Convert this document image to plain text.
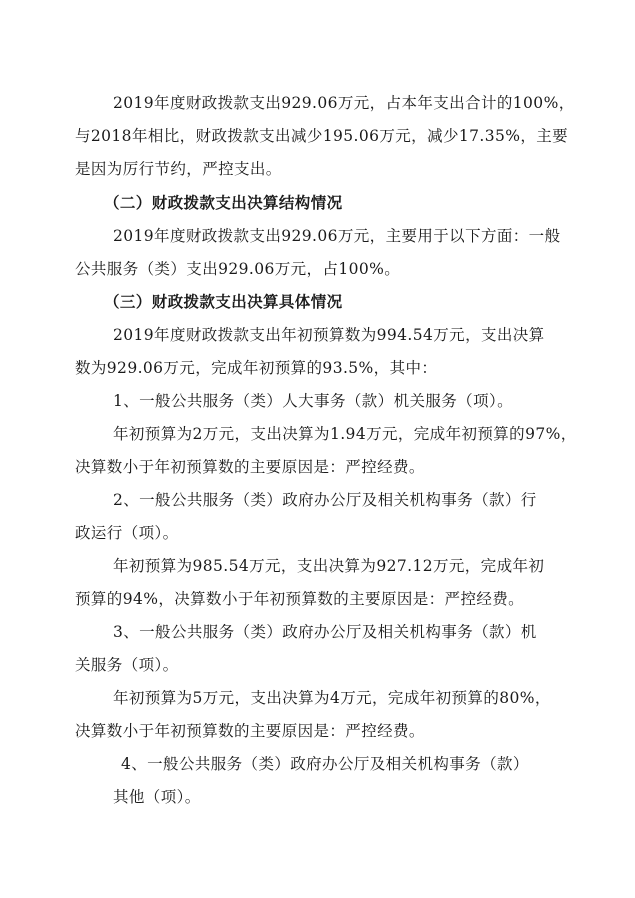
2019年度财政拨款支出929.06万元，占本年支出合计的100%，
与2018年相比，财政拨款支出减少195.06万元，减少17.35%，主要
是因为厉行节约，严控支出。
（二）财政拨款支出决算结构情况
2019年度财政拨款支出929.06万元，主要用于以下方面：一般
公共服务（类）支出929.06万元，占100%。
（三）财政拨款支出决算具体情况
2019年度财政拨款支出年初预算数为994.54万元，支出决算
数为929.06万元，完成年初预算的93.5%，其中：
1、一般公共服务（类）人大事务（款）机关服务（项）。
年初预算为2万元，支出决算为1.94万元，完成年初预算的97%，
决算数小于年初预算数的主要原因是：严控经费。
2、一般公共服务（类）政府办公厅及相关机构事务（款）行
政运行（项）。
年初预算为985.54万元，支出决算为927.12万元，完成年初
预算的94%，决算数小于年初预算数的主要原因是：严控经费。
3、一般公共服务（类）政府办公厅及相关机构事务（款）机
关服务（项）。
年初预算为5万元，支出决算为4万元，完成年初预算的80%，
决算数小于年初预算数的主要原因是：严控经费。
4、一般公共服务（类）政府办公厅及相关机构事务（款）
其他（项）。
